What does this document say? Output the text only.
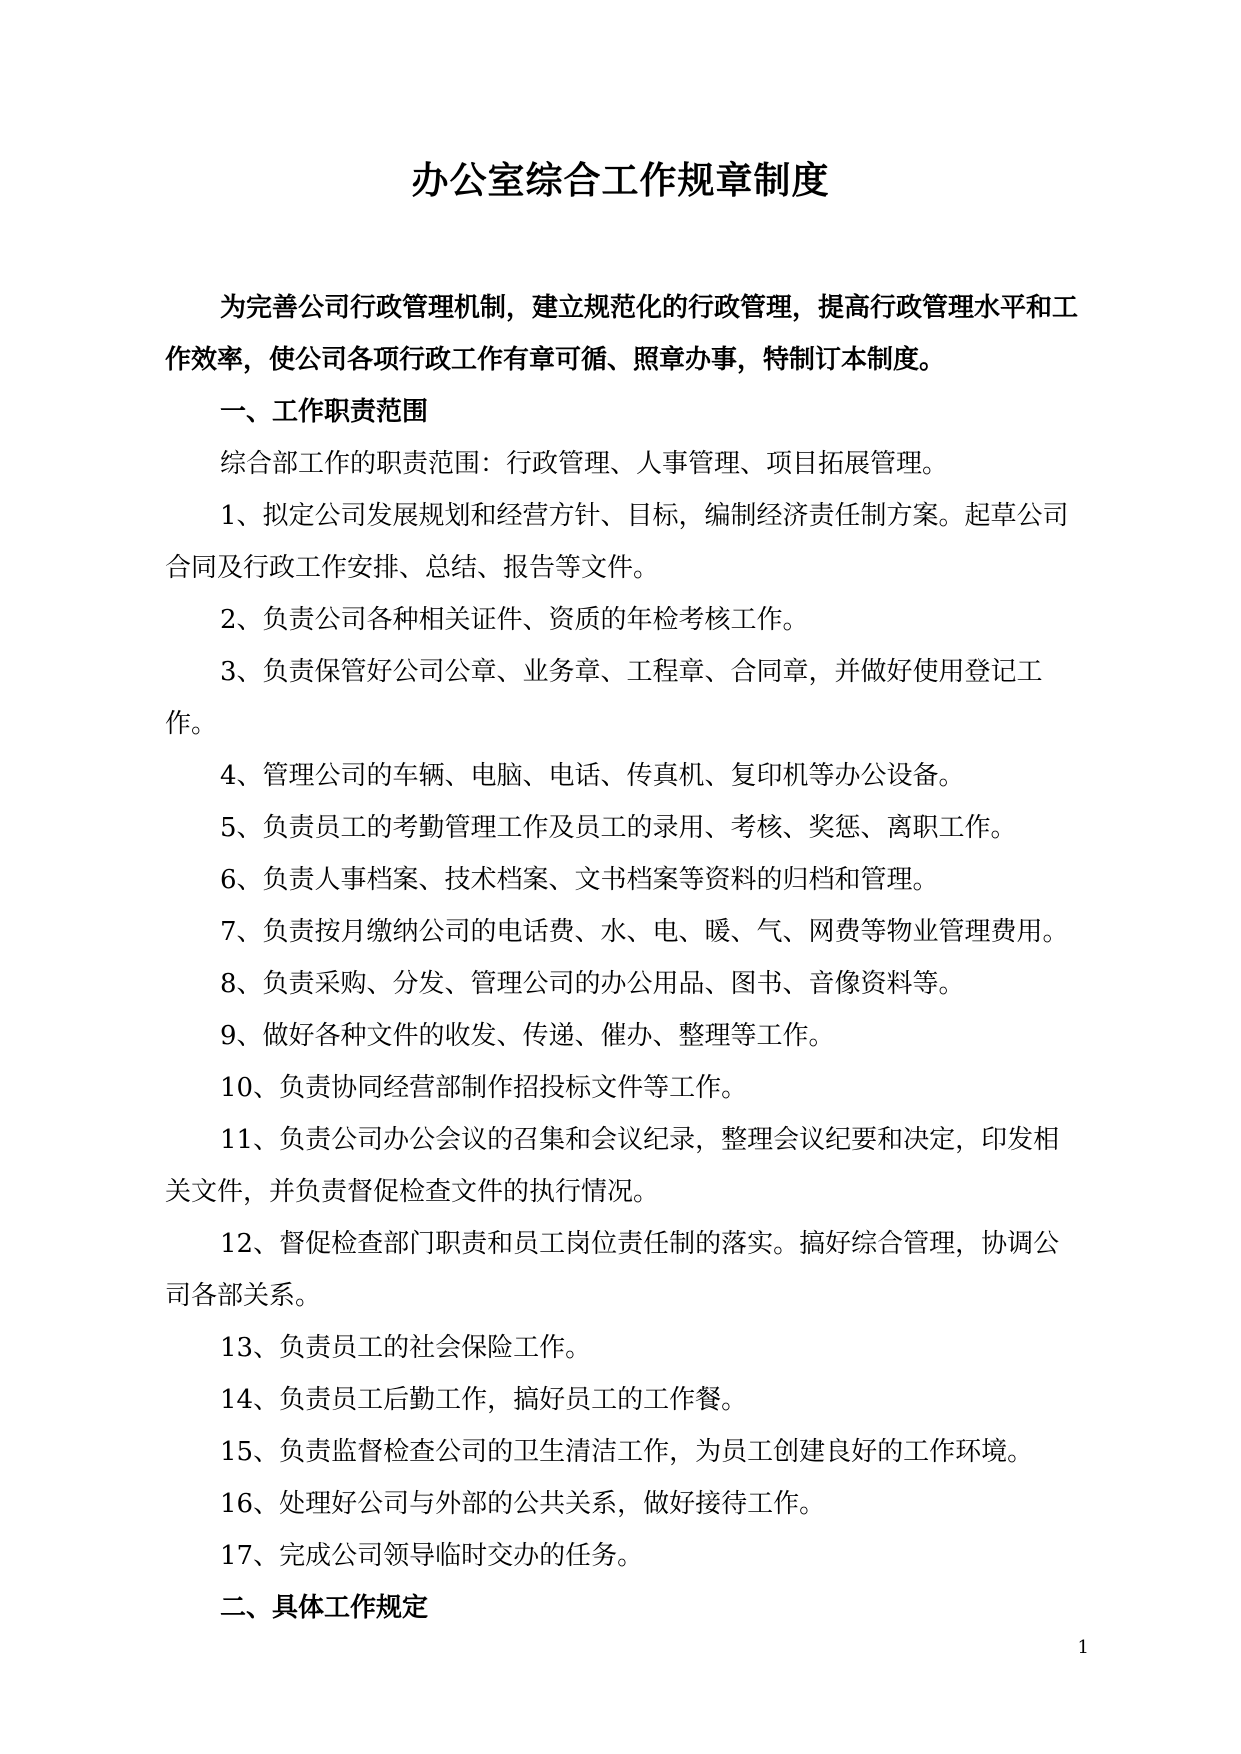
办公室综合工作规章制度

为完善公司行政管理机制，建立规范化的行政管理，提高行政管理水平和工作效率，使公司各项行政工作有章可循、照章办事，特制订本制度。

一、工作职责范围

综合部工作的职责范围：行政管理、人事管理、项目拓展管理。

1、拟定公司发展规划和经营方针、目标，编制经济责任制方案。起草公司合同及行政工作安排、总结、报告等文件。

2、负责公司各种相关证件、资质的年检考核工作。

3、负责保管好公司公章、业务章、工程章、合同章，并做好使用登记工作。

4、管理公司的车辆、电脑、电话、传真机、复印机等办公设备。

5、负责员工的考勤管理工作及员工的录用、考核、奖惩、离职工作。

6、负责人事档案、技术档案、文书档案等资料的归档和管理。

7、负责按月缴纳公司的电话费、水、电、暖、气、网费等物业管理费用。

8、负责采购、分发、管理公司的办公用品、图书、音像资料等。

9、做好各种文件的收发、传递、催办、整理等工作。

10、负责协同经营部制作招投标文件等工作。

11、负责公司办公会议的召集和会议纪录，整理会议纪要和决定，印发相关文件，并负责督促检查文件的执行情况。

12、督促检查部门职责和员工岗位责任制的落实。搞好综合管理，协调公司各部关系。

13、负责员工的社会保险工作。

14、负责员工后勤工作，搞好员工的工作餐。

15、负责监督检查公司的卫生清洁工作，为员工创建良好的工作环境。

16、处理好公司与外部的公共关系，做好接待工作。

17、完成公司领导临时交办的任务。

二、具体工作规定

1
